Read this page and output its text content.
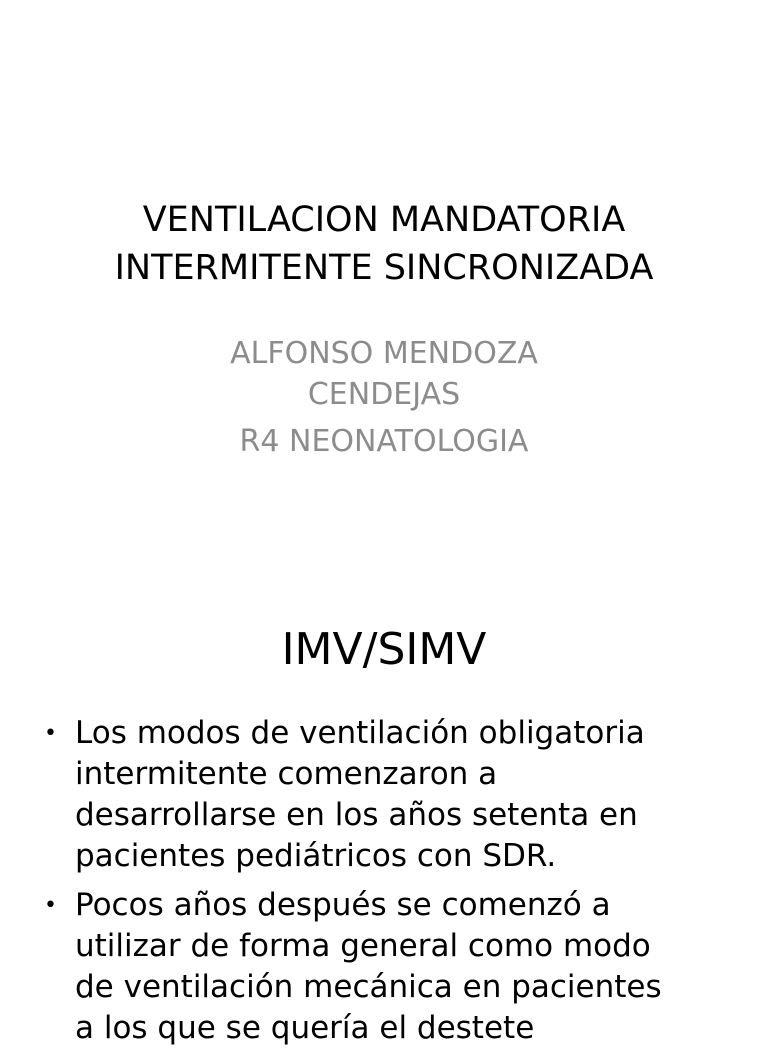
VENTILACION MANDATORIA
INTERMITENTE SINCRONIZADA
ALFONSO MENDOZA
CENDEJAS
R4 NEONATOLOGIA
IMV/SIMV
• Los modos de ventilación obligatoria
intermitente comenzaron a
desarrollarse en los años setenta en
pacientes pediátricos con SDR.
• Pocos años después se comenzó a
utilizar de forma general como modo
de ventilación mecánica en pacientes
a los que se quería el destete
